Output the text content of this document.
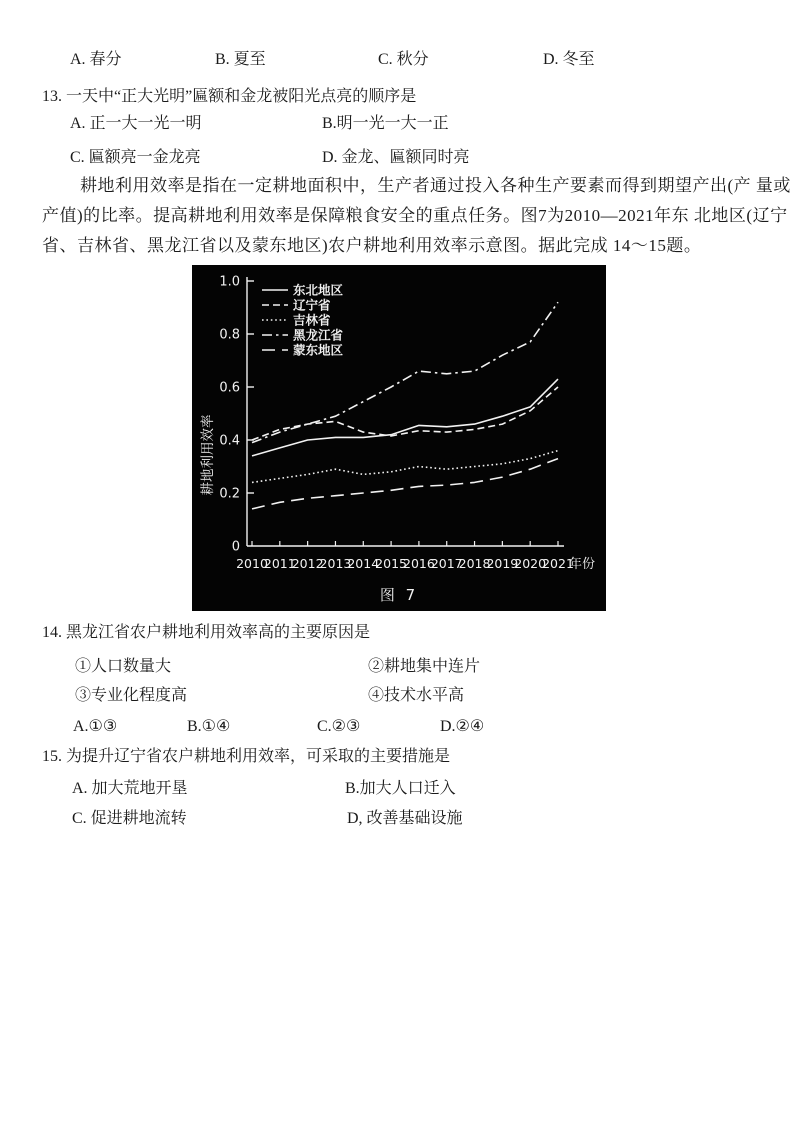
A. 春分	B. 夏至	C. 秋分	D. 冬至
13. 一天中“正大光明”匾额和金龙被阳光点亮的顺序是
A. 正一大一光一明	B.明一光一大一正
C. 匾额亮一金龙亮	D. 金龙、匾额同时亮
耕地利用效率是指在一定耕地面积中，生产者通过投入各种生产要素而得到期望产出(产 量或
产值)的比率。提高耕地利用效率是保障粮食安全的重点任务。图7为2010—2021年东 北地区(辽宁
省、吉林省、黑龙江省以及蒙东地区)农户耕地利用效率示意图。据此完成 14～15题。
0
0.2
0.4
0.6
0.8
1.0
2010
2011
2012
2013
2014
2015
2016
2017
2018
2019
2020
2021
年份
耕地利用效率
东北地区
辽宁省
吉林省
黑龙江省
蒙东地区
图 7
14. 黑龙江省农户耕地利用效率高的主要原因是
①人口数量大	②耕地集中连片
③专业化程度高	④技术水平高
A.①③	B.①④	C.②③	D.②④
15. 为提升辽宁省农户耕地利用效率，可采取的主要措施是
A. 加大荒地开垦	B.加大人口迁入
C. 促进耕地流转	D, 改善基础设施
